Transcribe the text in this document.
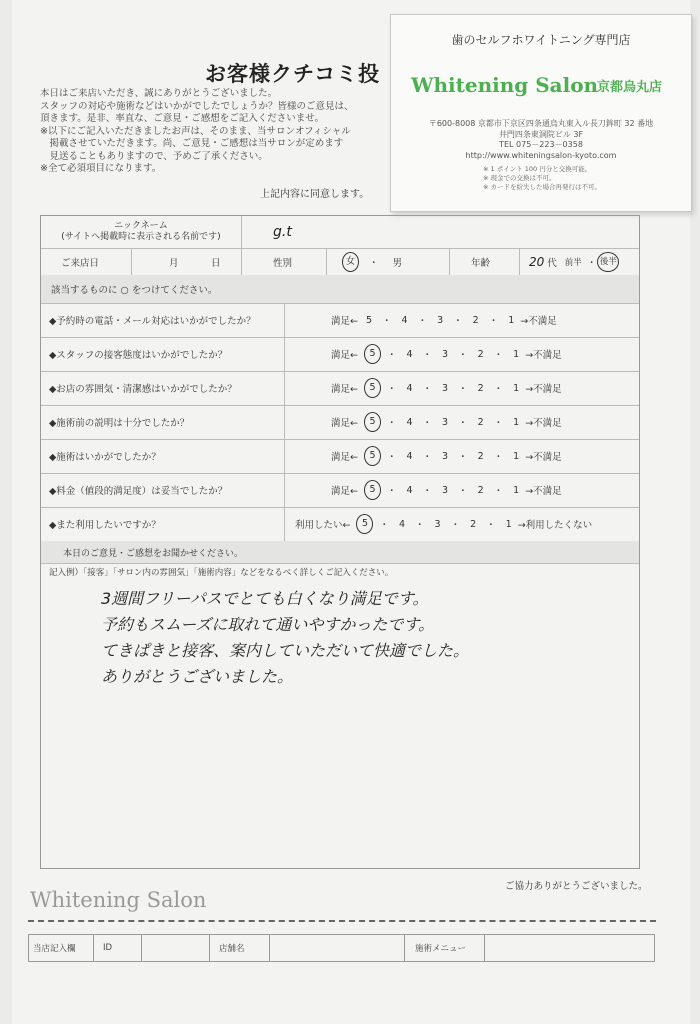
お客様クチコミ投
本日はご来店いただき、誠にありがとうございました。
スタッフの対応や施術などはいかがでしたでしょうか？皆様のご意見は、
頂きます。是非、率直な、ご意見・ご感想をご記入くださいませ。
※以下にご記入いただきましたお声は、そのまま、当サロンオフィシャル
　掲載させていただきます。尚、ご意見・ご感想は当サロンが定めます
　見送ることもありますので、予めご了承ください。
※全て必須項目になります。
上記内容に同意します。
歯のセルフホワイトニング専門店
Whitening Salon
京都烏丸店
〒600-8008 京都市下京区四条通烏丸東入ル長刀鉾町 32 番地
井門四条東洞院ビル 3F
TEL 075－223－0358
http://www.whiteningsalon-kyoto.com
※ 1 ポイント 100 円分と交換可能。
※ 現金での交換は不可。
※ カードを紛失した場合再発行は不可。
ニックネーム
(サイトへ掲載時に表示される名前です)	g.t
ご来店日	月	日	性別	女	・ 男	年齢	20 代 前半 ・ 後半
該当するものに ○ をつけてください。
◆予約時の電話・メール対応はいかがでしたか？	満足← 5 ・ 4 ・ 3 ・ 2 ・ 1 →不満足
◆スタッフの接客態度はいかがでしたか？	満足←	5	・ 4 ・ 3 ・ 2 ・ 1 →不満足
◆お店の雰囲気・清潔感はいかがでしたか？	満足←	5	・ 4 ・ 3 ・ 2 ・ 1 →不満足
◆施術前の説明は十分でしたか？	満足←	5	・ 4 ・ 3 ・ 2 ・ 1 →不満足
◆施術はいかがでしたか？	満足←	5	・ 4 ・ 3 ・ 2 ・ 1 →不満足
◆料金（値段的満足度）は妥当でしたか？	満足←	5	・ 4 ・ 3 ・ 2 ・ 1 →不満足
◆また利用したいですか？	利用したい←	5	・ 4 ・ 3 ・ 2 ・ 1 →利用したくない
本日のご意見・ご感想をお聞かせください。
記入例）「接客」「サロン内の雰囲気」「施術内容」などをなるべく詳しくご記入ください。
3週間フリーパスでとても白くなり満足です。
予約もスムーズに取れて通いやすかったです。
てきぱきと接客、案内していただいて快適でした。
ありがとうございました。
ご協力ありがとうございました。
Whitening Salon
当店記入欄	ID	店舗名	施術メニュー
